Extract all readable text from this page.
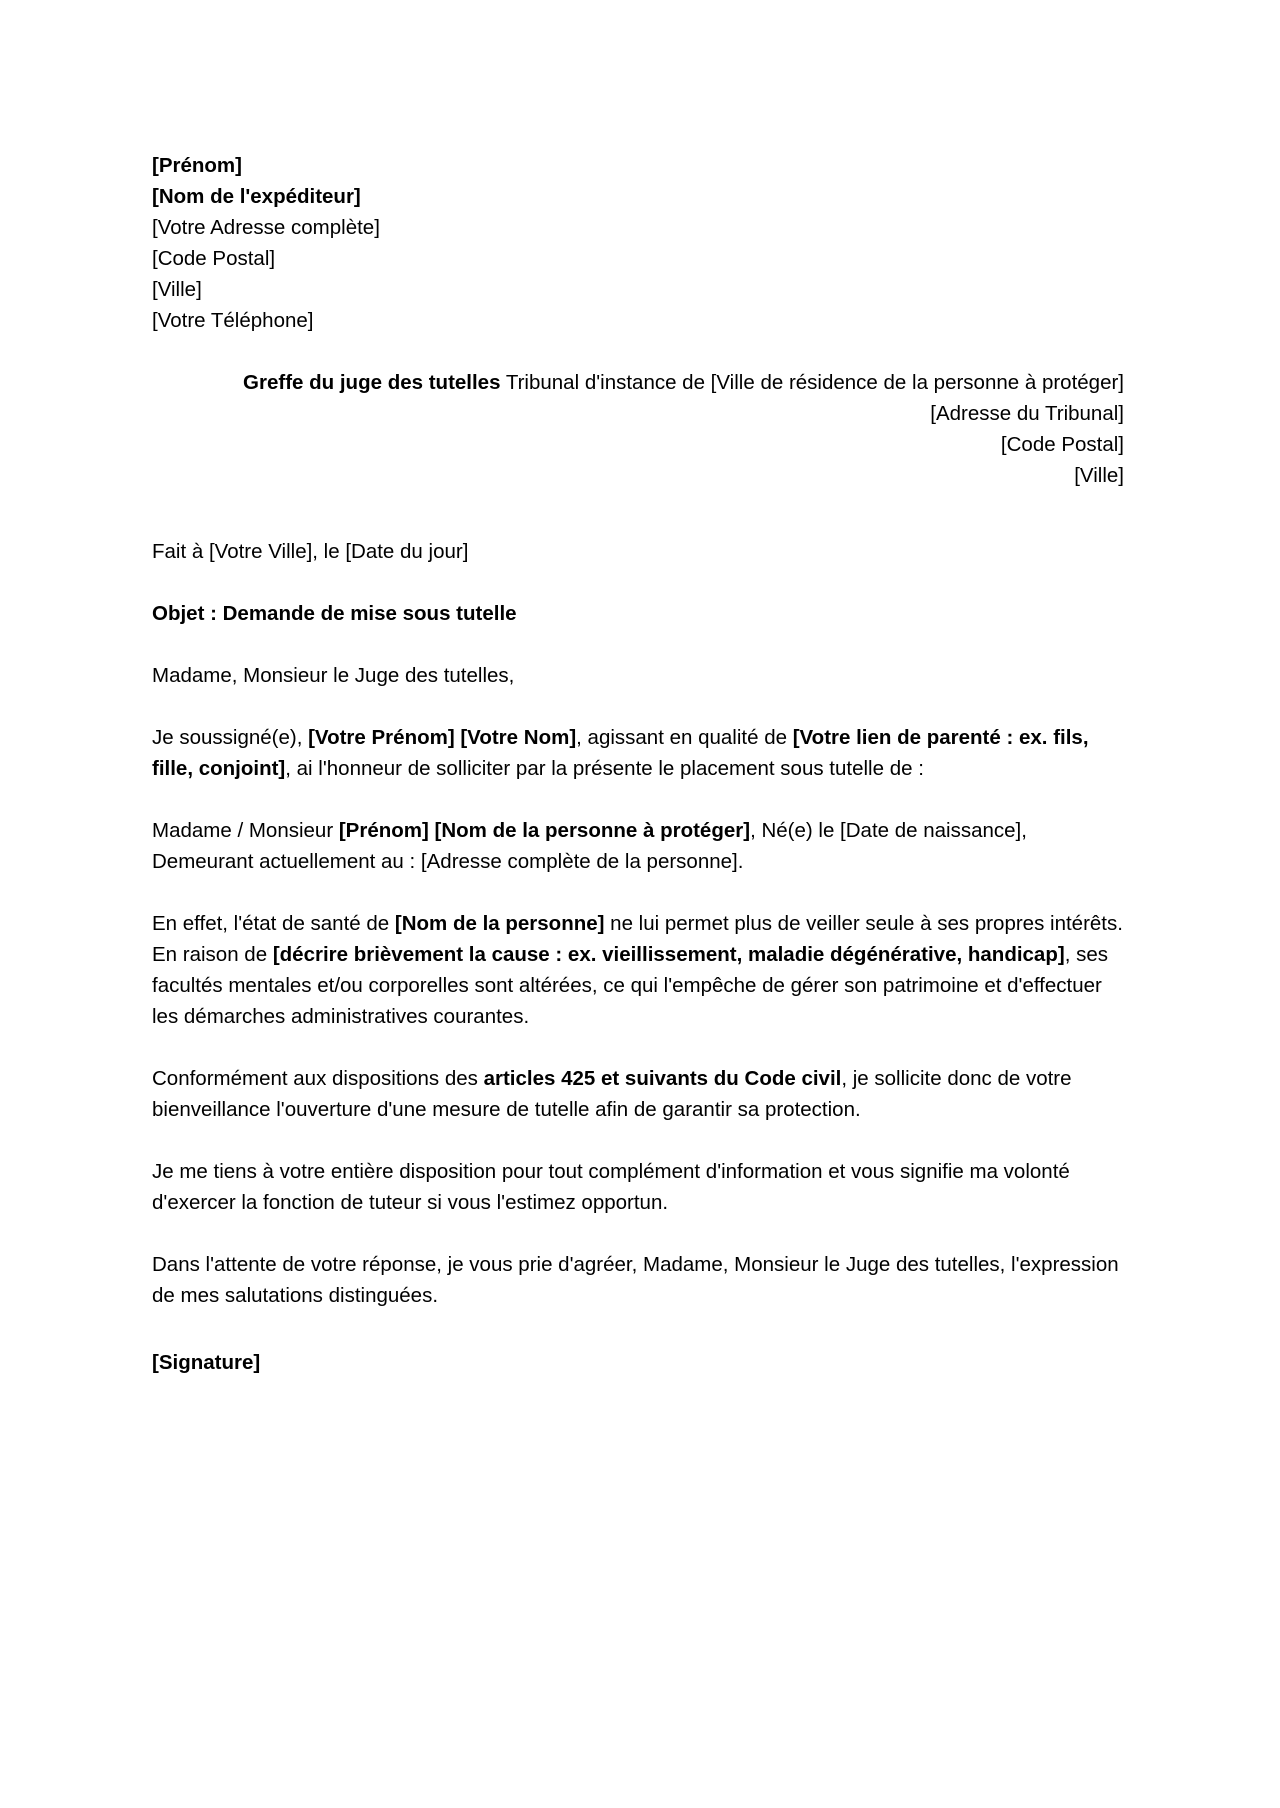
[Prénom]
[Nom de l'expéditeur]
[Votre Adresse complète]
[Code Postal]
[Ville]
[Votre Téléphone]
Greffe du juge des tutelles Tribunal d'instance de [Ville de résidence de la personne à protéger]
[Adresse du Tribunal]
[Code Postal]
[Ville]
Fait à [Votre Ville], le [Date du jour]
Objet : Demande de mise sous tutelle
Madame, Monsieur le Juge des tutelles,
Je soussigné(e), [Votre Prénom] [Votre Nom], agissant en qualité de [Votre lien de parenté : ex. fils, fille, conjoint], ai l'honneur de solliciter par la présente le placement sous tutelle de :
Madame / Monsieur [Prénom] [Nom de la personne à protéger], Né(e) le [Date de naissance], Demeurant actuellement au : [Adresse complète de la personne].
En effet, l'état de santé de [Nom de la personne] ne lui permet plus de veiller seule à ses propres intérêts. En raison de [décrire brièvement la cause : ex. vieillissement, maladie dégénérative, handicap], ses facultés mentales et/ou corporelles sont altérées, ce qui l'empêche de gérer son patrimoine et d'effectuer les démarches administratives courantes.
Conformément aux dispositions des articles 425 et suivants du Code civil, je sollicite donc de votre bienveillance l'ouverture d'une mesure de tutelle afin de garantir sa protection.
Je me tiens à votre entière disposition pour tout complément d'information et vous signifie ma volonté d'exercer la fonction de tuteur si vous l'estimez opportun.
Dans l'attente de votre réponse, je vous prie d'agréer, Madame, Monsieur le Juge des tutelles, l'expression de mes salutations distinguées.
[Signature]
